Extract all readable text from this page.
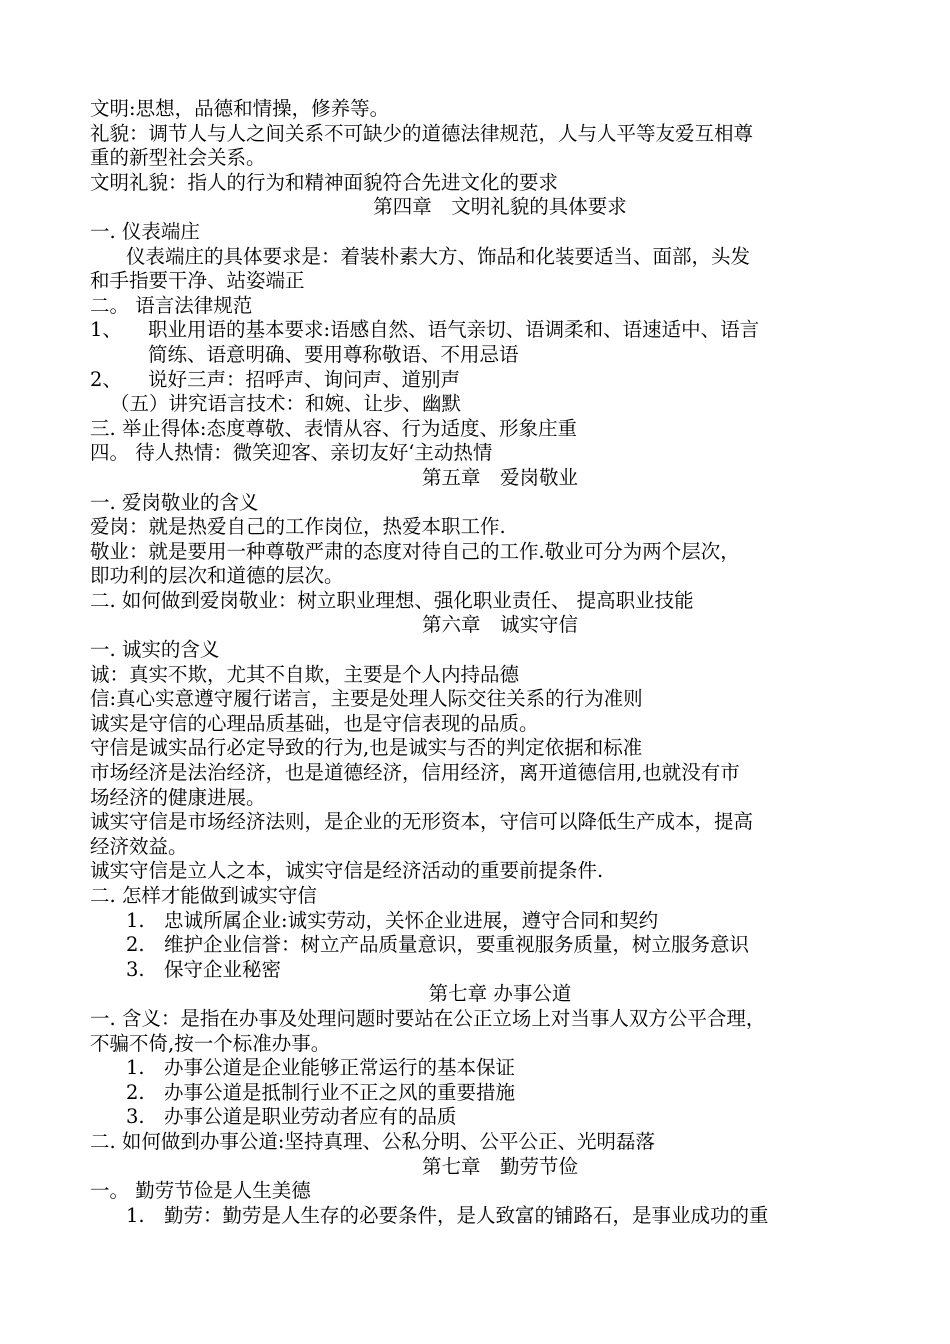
文明:思想，品德和情操，修养等。
礼貌：调节人与人之间关系不可缺少的道德法律规范，人与人平等友爱互相尊
重的新型社会关系。
文明礼貌：指人的行为和精神面貌符合先进文化的要求
第四章　文明礼貌的具体要求
一. 仪表端庄
仪表端庄的具体要求是：着装朴素大方、饰品和化装要适当、面部，头发
和手指要干净、站姿端正
二。 语言法律规范
1、	职业用语的基本要求:语感自然、语气亲切、语调柔和、语速适中、语言
简练、语意明确、要用尊称敬语、不用忌语
2、	说好三声：招呼声、询问声、道别声
（五）讲究语言技术：和婉、让步、幽默
三. 举止得体:态度尊敬、表情从容、行为适度、形象庄重
四。 待人热情：微笑迎客、亲切友好‘主动热情
第五章　爱岗敬业
一. 爱岗敬业的含义
爱岗：就是热爱自己的工作岗位，热爱本职工作.
敬业：就是要用一种尊敬严肃的态度对待自己的工作.敬业可分为两个层次，
即功利的层次和道德的层次。
二. 如何做到爱岗敬业：树立职业理想、强化职业责任、 提高职业技能
第六章　诚实守信
一. 诚实的含义
诚：真实不欺，尤其不自欺，主要是个人内持品德
信:真心实意遵守履行诺言，主要是处理人际交往关系的行为准则
诚实是守信的心理品质基础，也是守信表现的品质。
守信是诚实品行必定导致的行为,也是诚实与否的判定依据和标准
市场经济是法治经济，也是道德经济，信用经济，离开道德信用,也就没有市
场经济的健康进展。
诚实守信是市场经济法则，是企业的无形资本，守信可以降低生产成本，提高
经济效益。
诚实守信是立人之本，诚实守信是经济活动的重要前提条件.
二. 怎样才能做到诚实守信
1. 忠诚所属企业:诚实劳动，关怀企业进展，遵守合同和契约
2. 维护企业信誉：树立产品质量意识，要重视服务质量，树立服务意识
3. 保守企业秘密
第七章 办事公道
一. 含义：是指在办事及处理问题时要站在公正立场上对当事人双方公平合理，
不骗不倚,按一个标准办事。
1. 办事公道是企业能够正常运行的基本保证
2. 办事公道是抵制行业不正之风的重要措施
3. 办事公道是职业劳动者应有的品质
二. 如何做到办事公道:坚持真理、公私分明、公平公正、光明磊落
第七章　勤劳节俭
一。 勤劳节俭是人生美德
1. 勤劳：勤劳是人生存的必要条件，是人致富的铺路石，是事业成功的重
